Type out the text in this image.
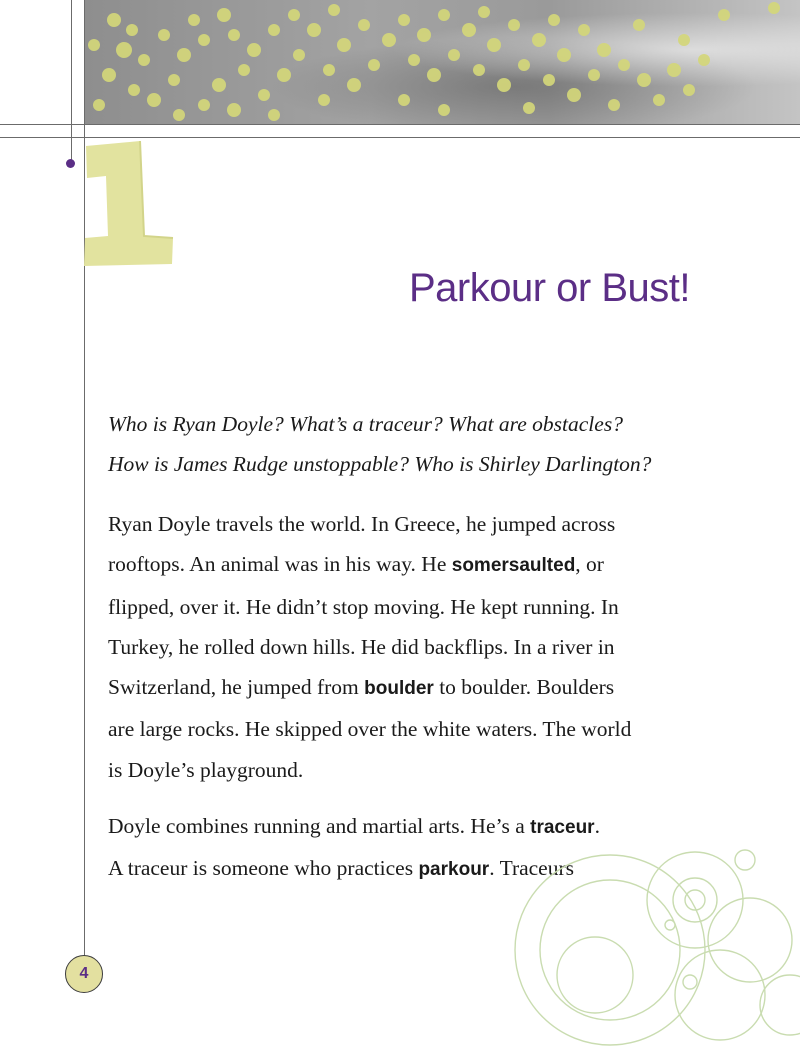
Parkour or Bust!
Who is Ryan Doyle? What’s a traceur? What are obstacles?
How is James Rudge unstoppable? Who is Shirley Darlington?
Ryan Doyle travels the world. In Greece, he jumped across
rooftops. An animal was in his way. He somersaulted, or
flipped, over it. He didn’t stop moving. He kept running. In
Turkey, he rolled down hills. He did backflips. In a river in
Switzerland, he jumped from boulder to boulder. Boulders
are large rocks. He skipped over the white waters. The world
is Doyle’s playground.
Doyle combines running and martial arts. He’s a traceur.
A traceur is someone who practices parkour. Traceurs
4
